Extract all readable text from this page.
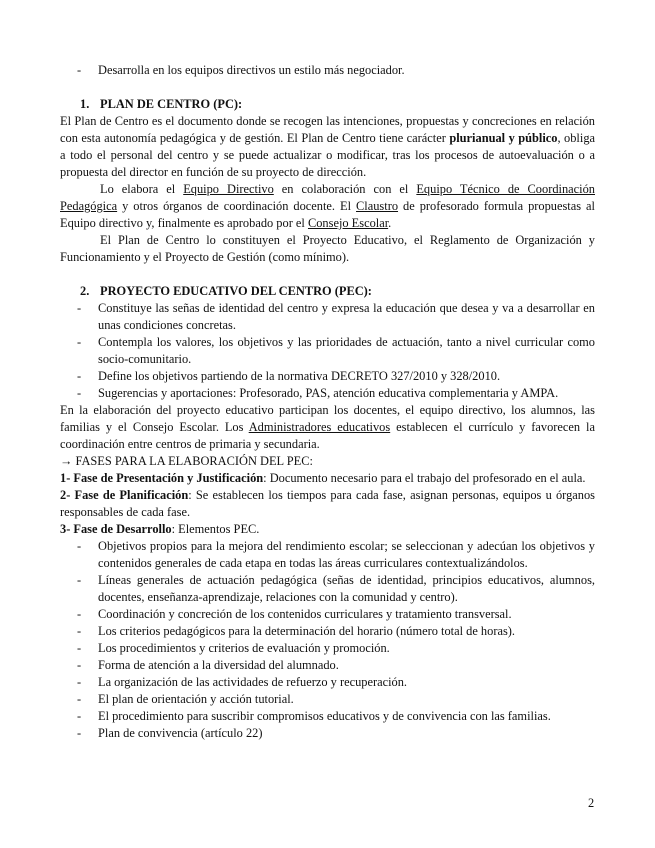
- Desarrolla en los equipos directivos un estilo más negociador.

1. PLAN DE CENTRO (PC):

El Plan de Centro es el documento donde se recogen las intenciones, propuestas y concreciones en relación con esta autonomía pedagógica y de gestión. El Plan de Centro tiene carácter plurianual y público, obliga a todo el personal del centro y se puede actualizar o modificar, tras los procesos de autoevaluación o a propuesta del director en función de su proyecto de dirección.

Lo elabora el Equipo Directivo en colaboración con el Equipo Técnico de Coordinación Pedagógica y otros órganos de coordinación docente. El Claustro de profesorado formula propuestas al Equipo directivo y, finalmente es aprobado por el Consejo Escolar.

El Plan de Centro lo constituyen el Proyecto Educativo, el Reglamento de Organización y Funcionamiento y el Proyecto de Gestión (como mínimo).

2. PROYECTO EDUCATIVO DEL CENTRO (PEC):

- Constituye las señas de identidad del centro y expresa la educación que desea y va a desarrollar en unas condiciones concretas.

- Contempla los valores, los objetivos y las prioridades de actuación, tanto a nivel curricular como socio-comunitario.

- Define los objetivos partiendo de la normativa DECRETO 327/2010 y 328/2010.

- Sugerencias y aportaciones: Profesorado, PAS, atención educativa complementaria y AMPA.

En la elaboración del proyecto educativo participan los docentes, el equipo directivo, los alumnos, las familias y el Consejo Escolar. Los Administradores educativos establecen el currículo y favorecen la coordinación entre centros de primaria y secundaria.

→ FASES PARA LA ELABORACIÓN DEL PEC:

1- Fase de Presentación y Justificación: Documento necesario para el trabajo del profesorado en el aula.

2- Fase de Planificación: Se establecen los tiempos para cada fase, asignan personas, equipos u órganos responsables de cada fase.

3- Fase de Desarrollo: Elementos PEC.

- Objetivos propios para la mejora del rendimiento escolar; se seleccionan y adecúan los objetivos y contenidos generales de cada etapa en todas las áreas curriculares contextualizándolos.

- Líneas generales de actuación pedagógica (señas de identidad, principios educativos, alumnos, docentes, enseñanza-aprendizaje, relaciones con la comunidad y centro).

- Coordinación y concreción de los contenidos curriculares y tratamiento transversal.

- Los criterios pedagógicos para la determinación del horario (número total de horas).

- Los procedimientos y criterios de evaluación y promoción.

- Forma de atención a la diversidad del alumnado.

- La organización de las actividades de refuerzo y recuperación.

- El plan de orientación y acción tutorial.

- El procedimiento para suscribir compromisos educativos y de convivencia con las familias.

- Plan de convivencia (artículo 22)

2
